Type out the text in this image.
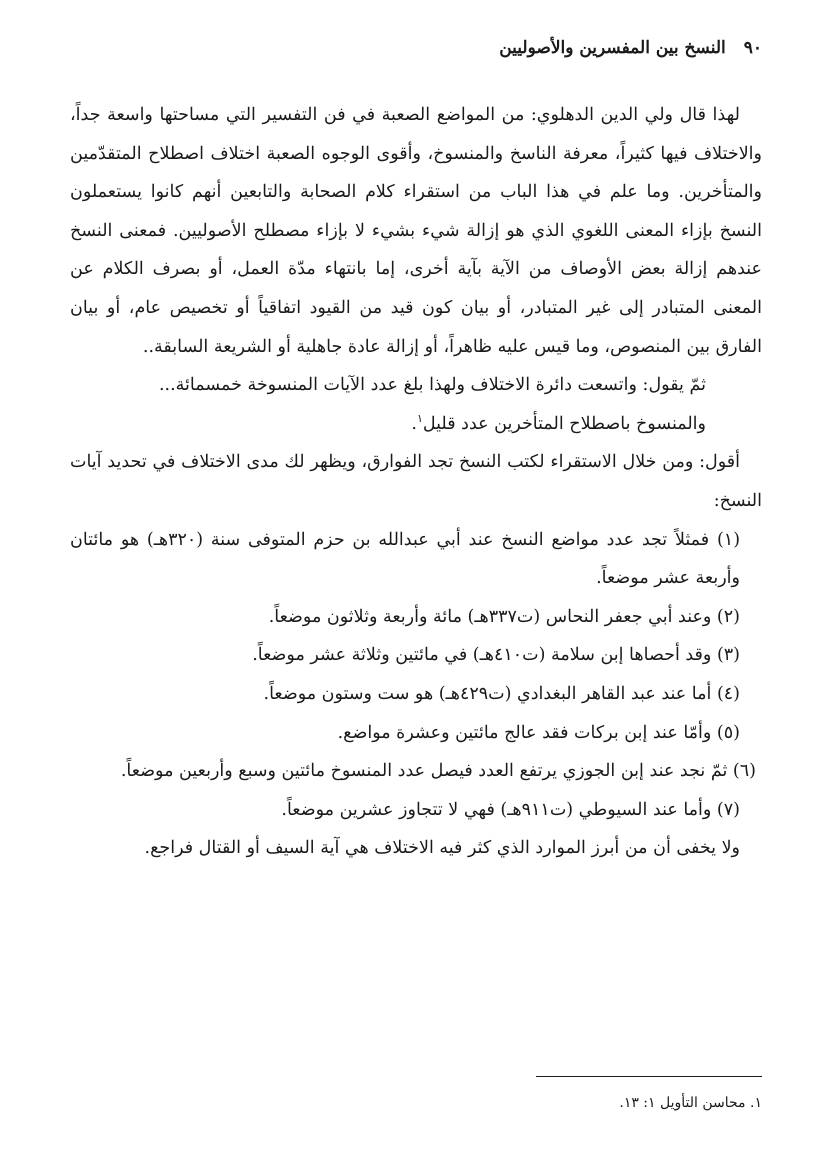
٩٠
النسخ بين المفسرين والأصوليين

لهذا قال ولي الدين الدهلوي: من المواضع الصعبة في فن التفسير التي مساحتها واسعة جداً، والاختلاف فيها كثيراً، معرفة الناسخ والمنسوخ، وأقوى الوجوه الصعبة اختلاف اصطلاح المتقدّمين والمتأخرين. وما علم في هذا الباب من استقراء كلام الصحابة والتابعين أنهم كانوا يستعملون النسخ بإزاء المعنى اللغوي الذي هو إزالة شيء بشيء لا بإزاء مصطلح الأصوليين. فمعنى النسخ عندهم إزالة بعض الأوصاف من الآية بآية أخرى، إما بانتهاء مدّة العمل، أو بصرف الكلام عن المعنى المتبادر إلى غير المتبادر، أو بيان كون قيد من القيود اتفاقياً أو تخصيص عام، أو بيان الفارق بين المنصوص، وما قيس عليه ظاهراً، أو إزالة عادة جاهلية أو الشريعة السابقة..

ثمّ يقول: واتسعت دائرة الاختلاف ولهذا بلغ عدد الآيات المنسوخة خمسمائة...

والمنسوخ باصطلاح المتأخرين عدد قليل$^١$.

أقول: ومن خلال الاستقراء لكتب النسخ تجد الفوارق، ويظهر لك مدى الاختلاف في تحديد آيات النسخ:

(١) فمثلاً تجد عدد مواضع النسخ عند أبي عبدالله بن حزم المتوفى سنة (٣٢٠هـ) هو مائتان وأربعة عشر موضعاً.

(٢) وعند أبي جعفر النحاس (ت٣٣٧هـ) مائة وأربعة وثلاثون موضعاً.

(٣) وقد أحصاها إبن سلامة (ت٤١٠هـ) في مائتين وثلاثة عشر موضعاً.

(٤) أما عند عبد القاهر البغدادي (ت٤٢٩هـ) هو ست وستون موضعاً.

(٥) وأمّا عند إبن بركات فقد عالج مائتين وعشرة مواضع.

(٦) ثمّ نجد عند إبن الجوزي يرتفع العدد فيصل عدد المنسوخ مائتين وسبع وأربعين موضعاً.

(٧) وأما عند السيوطي (ت٩١١هـ) فهي لا تتجاوز عشرين موضعاً.

ولا يخفى أن من أبرز الموارد الذي كثر فيه الاختلاف هي آية السيف أو القتال فراجع.

١. محاسن التأويل ١: ١٣.
